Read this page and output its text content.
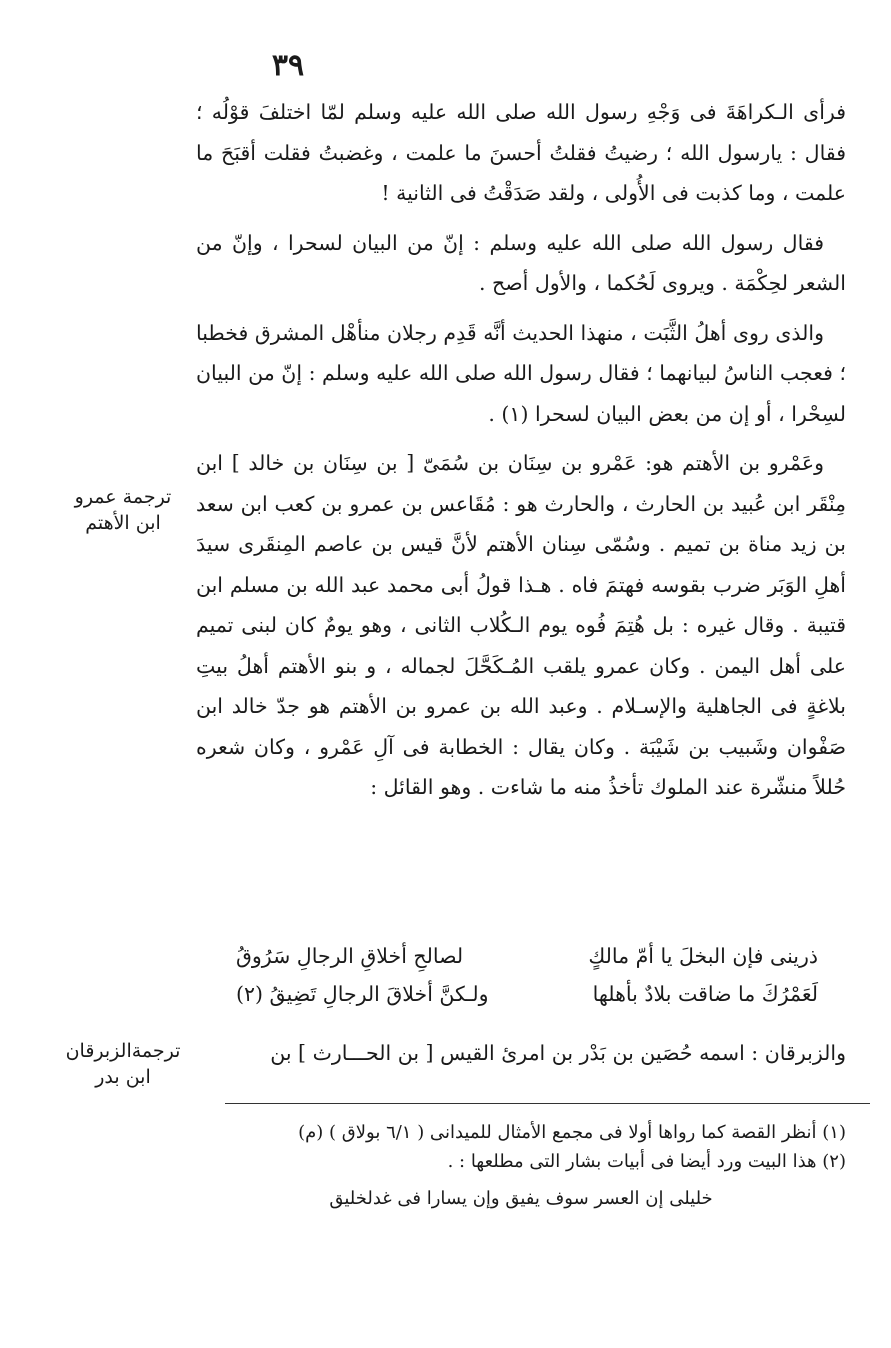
٣٩

فرأى الـكراهَةَ فى وَجْهِ رسول الله صلى الله عليه وسلم لمّا اختلفَ قوْلُه ؛ فقال : يارسول الله ؛ رضيتُ فقلتُ أحسنَ ما علمت ، وغضبتُ فقلت أقبَحَ ما علمت ، وما كذبت فى الأُولى ، ولقد صَدَقْتُ فى الثانية !

فقال رسول الله صلى الله عليه وسلم : إنّ من البيان لسحرا ، وإنّ من الشعر لحِكْمَة . ويروى لَحُكما ، والأول أصح .

والذى روى أهلُ الثَّبَت ، منهذا الحديث أنَّه قَدِم رجلان منأهْل المشرق فخطبا ؛ فعجب الناسُ لبيانهما ؛ فقال رسول الله صلى الله عليه وسلم : إنّ من البيان لسِحْرا ، أو إن من بعض البيان لسحرا (١) .

وعَمْرو بن الأهتم هو: عَمْرو بن سِنَان بن سُمَىّ [ بن سِنَان بن خالد ] ابن مِنْقَر ابن عُبيد بن الحارث ، والحارث هو : مُقَاعس بن عمرو بن كعب ابن سعد بن زيد مناة بن تميم . وسُمّى سِنان الأهتم لأنَّ قيس بن عاصم المِنقَرى سيدَ أهلِ الوَبَر ضرب بقوسه فهتمَ فاه . هـذا قولُ أبى محمد عبد الله بن مسلم ابن قتيبة . وقال غيره : بل هُتِمَ فُوه يوم الـكُلاب الثانى ، وهو يومٌ كان لبنى تميم على أهل اليمن . وكان عمرو يلقب المُـكَحَّلَ لجماله ، و بنو الأهتم أهلُ بيتِ بلاغةٍ فى الجاهلية والإسـلام . وعبد الله بن عمرو بن الأهتم هو جدّ خالد ابن صَفْوان وشَبيب بن شَيْبَة . وكان يقال : الخطابة فى آلِ عَمْرو ، وكان شعره حُللاً منشّرة عند الملوك تأخذُ منه ما شاءت . وهو القائل :

ذرينى فإن البخلَ يا أمّ مالكٍ
لصالحِ أخلاقِ الرجالِ سَرُوقُ
لَعَمْرُكَ ما ضاقت بلادٌ بأهلها
ولـكنَّ أخلاقَ الرجالِ تَضِيقُ (٢)
والزبرقان : اسمه حُصَين بن بَدْر بن امرئ القيس [ بن الحـــارث ] بن
ترجمة عمرو
ابن الأهتم
ترجمةالزبرقان
ابن بدر

(١) أنظر القصة كما رواها أولا فى مجمع الأمثال للميدانى ( ٦/١ بولاق ) (م)

(٢) هذا البيت ورد أيضا فى أبيات بشار التى مطلعها : .

خليلى إن العسر سوف يفيق وإن يسارا فى غدلخليق
